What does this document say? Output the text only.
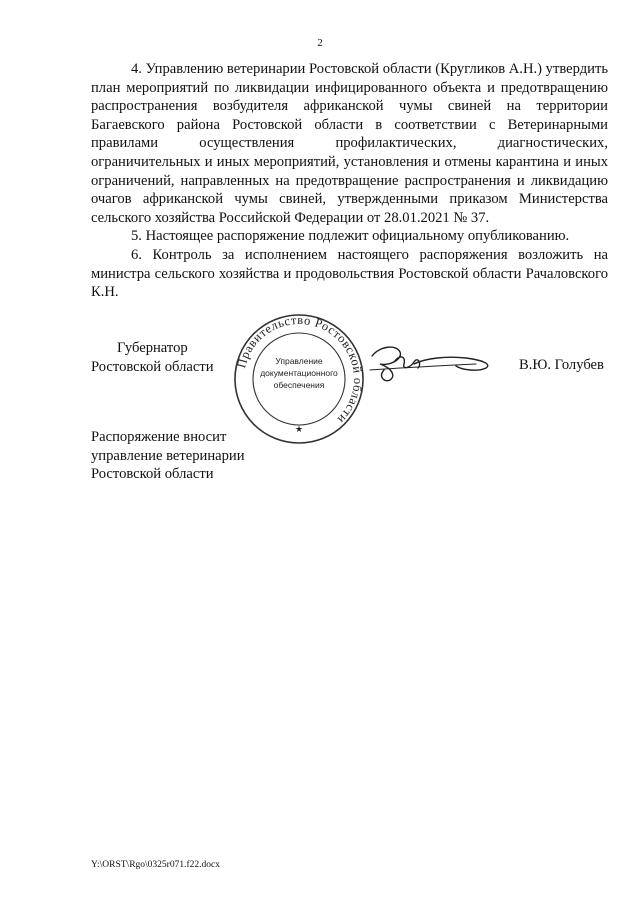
2

4. Управлению ветеринарии Ростовской области (Кругликов А.Н.) утвердить план мероприятий по ликвидации инфицированного объекта и предотвращению распространения возбудителя африканской чумы свиней на территории Багаевского района Ростовской области в соответствии с Ветеринарными правилами осуществления профилактических, диагностических, ограничительных и иных мероприятий, установления и отмены карантина и иных ограничений, направленных на предотвращение распространения и ликвидацию очагов африканской чумы свиней, утвержденными приказом Министерства сельского хозяйства Российской Федерации от 28.01.2021 № 37.

5. Настоящее распоряжение подлежит официальному опубликованию.

6. Контроль за исполнением настоящего распоряжения возложить на министра сельского хозяйства и продовольствия Ростовской области Рачаловского К.Н.

Губернатор
Ростовской области Правительство Ростовской области
Управление
документационного
обеспечения
★
В.Ю. Голубев
Распоряжение вносит
управление ветеринарии
Ростовской области
Y:\ORST\Rgo\0325r071.f22.docx
